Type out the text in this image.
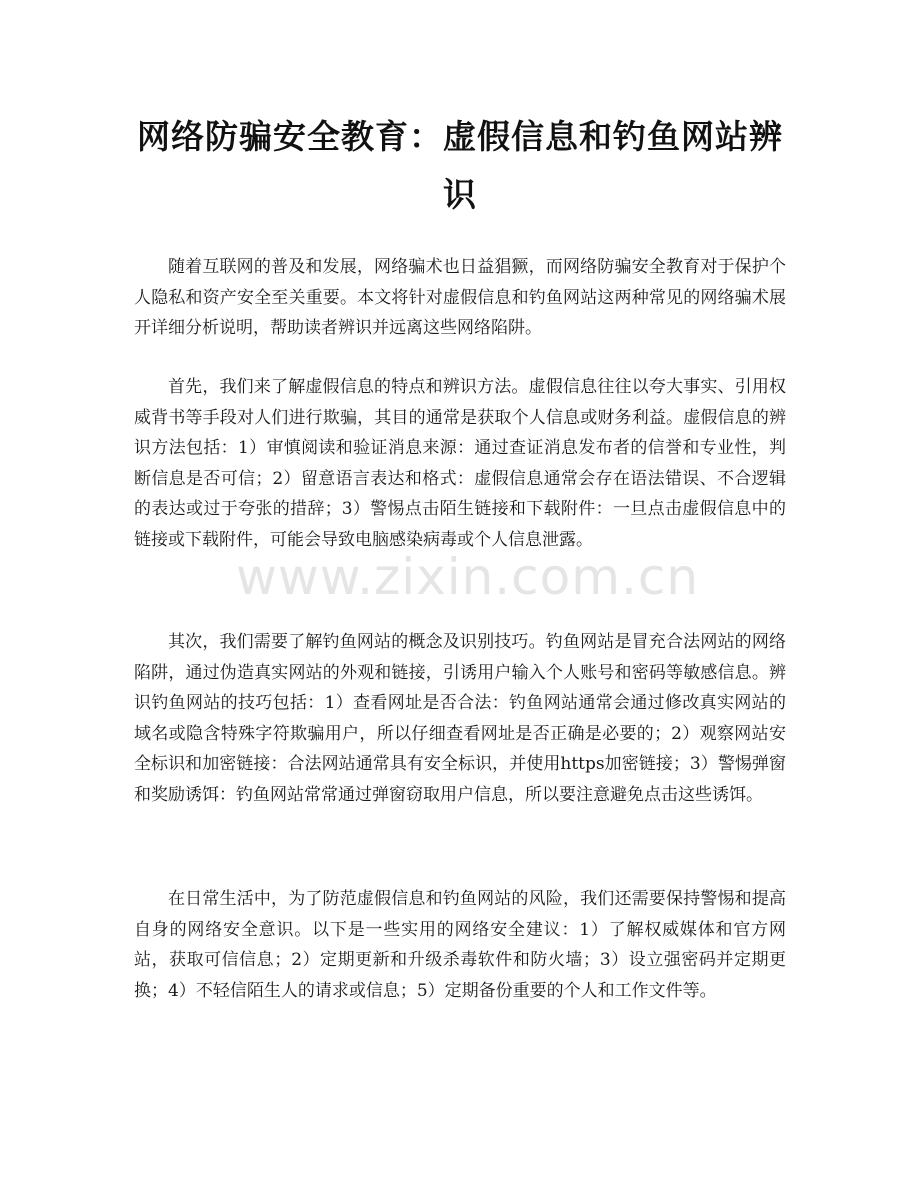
网络防骗安全教育：虚假信息和钓鱼网站辨识

随着互联网的普及和发展，网络骗术也日益猖獗，而网络防骗安全教育对于保护个人隐私和资产安全至关重要。本文将针对虚假信息和钓鱼网站这两种常见的网络骗术展开详细分析说明，帮助读者辨识并远离这些网络陷阱。

首先，我们来了解虚假信息的特点和辨识方法。虚假信息往往以夸大事实、引用权威背书等手段对人们进行欺骗，其目的通常是获取个人信息或财务利益。虚假信息的辨识方法包括：1）审慎阅读和验证消息来源：通过查证消息发布者的信誉和专业性，判断信息是否可信；2）留意语言表达和格式：虚假信息通常会存在语法错误、不合逻辑的表达或过于夸张的措辞；3）警惕点击陌生链接和下载附件：一旦点击虚假信息中的链接或下载附件，可能会导致电脑感染病毒或个人信息泄露。

其次，我们需要了解钓鱼网站的概念及识别技巧。钓鱼网站是冒充合法网站的网络陷阱，通过伪造真实网站的外观和链接，引诱用户输入个人账号和密码等敏感信息。辨识钓鱼网站的技巧包括：1）查看网址是否合法：钓鱼网站通常会通过修改真实网站的域名或隐含特殊字符欺骗用户，所以仔细查看网址是否正确是必要的；2）观察网站安全标识和加密链接：合法网站通常具有安全标识，并使用https加密链接；3）警惕弹窗和奖励诱饵：钓鱼网站常常通过弹窗窃取用户信息，所以要注意避免点击这些诱饵。

在日常生活中，为了防范虚假信息和钓鱼网站的风险，我们还需要保持警惕和提高自身的网络安全意识。以下是一些实用的网络安全建议：1）了解权威媒体和官方网站，获取可信信息；2）定期更新和升级杀毒软件和防火墙；3）设立强密码并定期更换；4）不轻信陌生人的请求或信息；5）定期备份重要的个人和工作文件等。

www.zixin.com.cn
